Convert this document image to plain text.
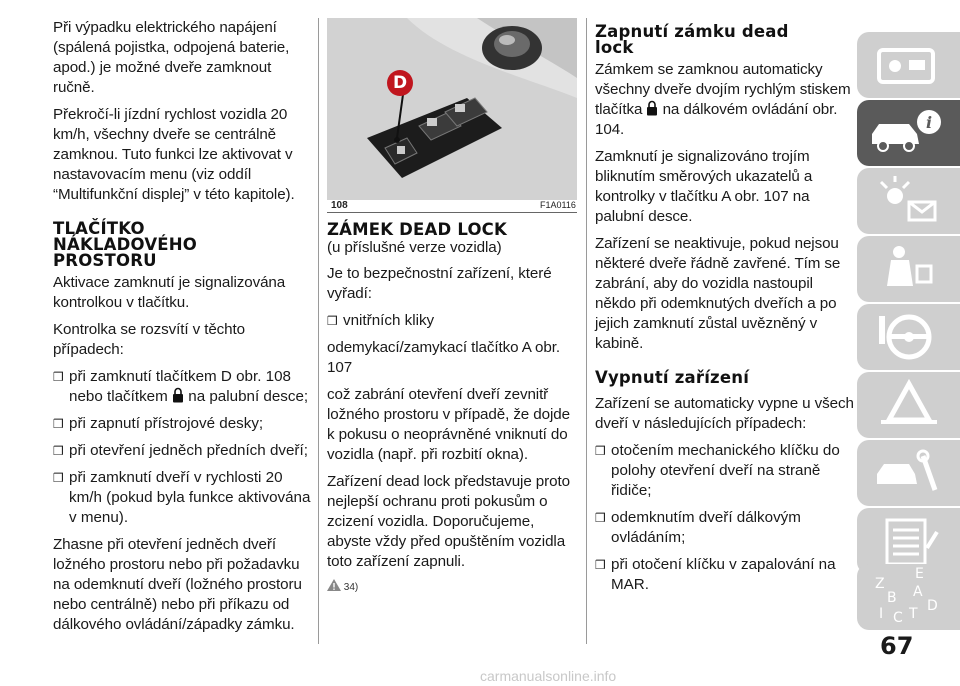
Při výpadku elektrického napájení (spálená pojistka, odpojená baterie, apod.) je možné dveře zamknout ručně.

Překročí-li jízdní rychlost vozidla 20 km/h, všechny dveře se centrálně zamknou. Tuto funkci lze aktivovat v nastavovacím menu (viz oddíl “Multifunkční displej” v této kapitole).

TLAČÍTKO
NÁKLADOVÉHO
PROSTORU

Aktivace zamknutí je signalizována kontrolkou v tlačítku.

Kontrolka se rozsvítí v těchto případech:

❒ při zamknutí tlačítkem D obr. 108 nebo tlačítkem na palubní desce;
❒ při zapnutí přístrojové desky;
❒ při otevření jedněch předních dveří;
❒ při zamknutí dveří v rychlosti 20 km/h (pokud byla funkce aktivována v menu).

Zhasne při otevření jedněch dveří ložného prostoru nebo při požadavku na odemknutí dveří (ložného prostoru nebo centrálně) nebo při příkazu od dálkového ovládání/západky zámku.

D
108	F1A0116
ZÁMEK DEAD LOCK

(u příslušné verze vozidla)

Je to bezpečnostní zařízení, které vyřadí:

❒ vnitřních kliky

odemykací/zamykací tlačítko A obr. 107

což zabrání otevření dveří zevnitř ložného prostoru v případě, že dojde k pokusu o neoprávněné vniknutí do vozidla (např. při rozbití okna).

Zařízení dead lock představuje proto nejlepší ochranu proti pokusům o zcizení vozidla. Doporučujeme, abyste vždy před opuštěním vozidla toto zařízení zapnuli.

34)
Zapnutí zámku dead
lock

Zámkem se zamknou automaticky všechny dveře dvojím rychlým stiskem tlačítka na dálkovém ovládání obr. 104.

Zamknutí je signalizováno trojím bliknutím směrových ukazatelů a kontrolky v tlačítku A obr. 107 na palubní desce.

Zařízení se neaktivuje, pokud nejsou některé dveře řádně zavřené. Tím se zabrání, aby do vozidla nastoupil někdo při odemknutých dveřích a po jejich zamknutí zůstal uvězněný v kabině.

Vypnutí zařízení

Zařízení se automaticky vypne u všech dveří v následujících případech:

❒ otočením mechanického klíčku do polohy otevření dveří na straně řidiče;
❒ odemknutím dveří dálkovým ovládáním;
❒ při otočení klíčku v zapalování na MAR.
i
Z
E
B A
I C T D
67
carmanualsonline.info
